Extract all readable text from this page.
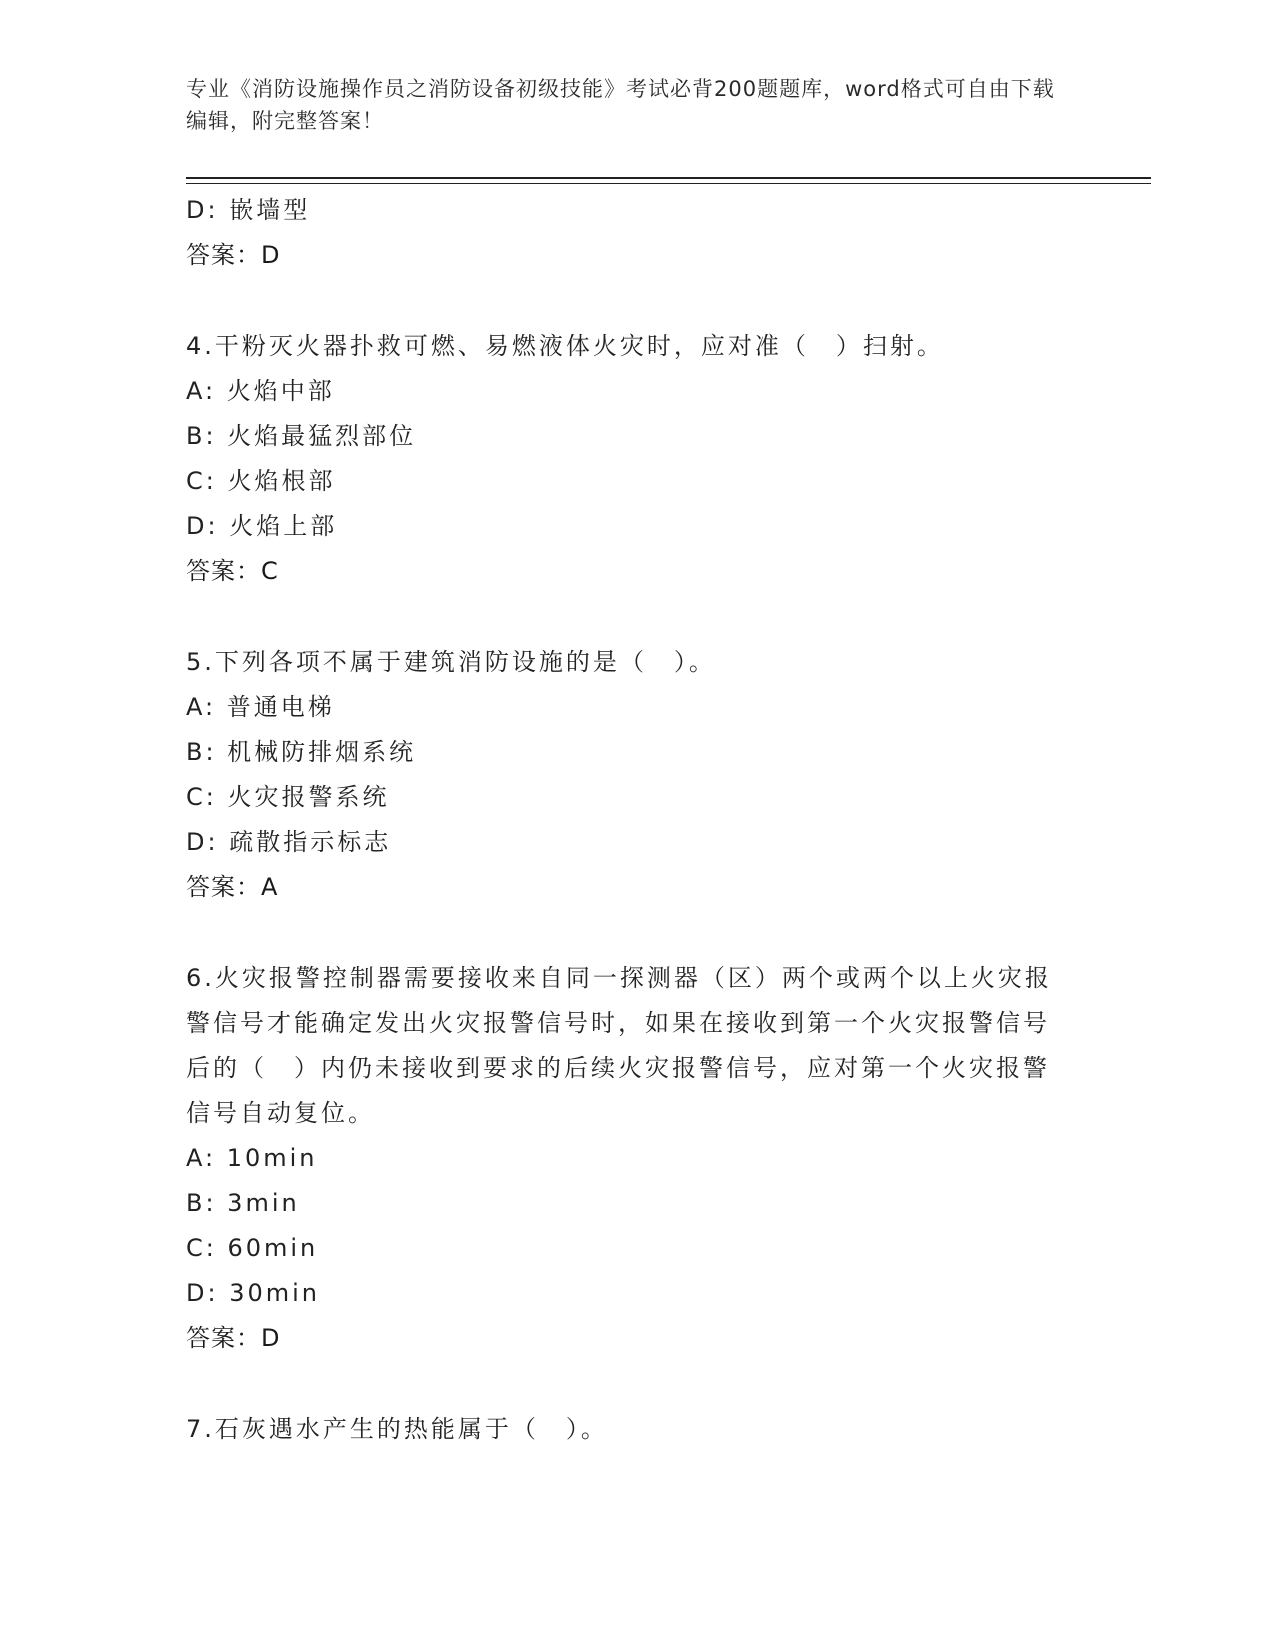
专业《消防设施操作员之消防设备初级技能》考试必背200题题库，word格式可自由下载编辑，附完整答案！
D: 嵌墙型
答案：D
4.干粉灭火器扑救可燃、易燃液体火灾时，应对准（　）扫射。
A: 火焰中部
B: 火焰最猛烈部位
C: 火焰根部
D: 火焰上部
答案：C
5.下列各项不属于建筑消防设施的是（　）。
A: 普通电梯
B: 机械防排烟系统
C: 火灾报警系统
D: 疏散指示标志
答案：A
6.火灾报警控制器需要接收来自同一探测器（区）两个或两个以上火灾报警信号才能确定发出火灾报警信号时，如果在接收到第一个火灾报警信号后的（　）内仍未接收到要求的后续火灾报警信号，应对第一个火灾报警信号自动复位。
A: 10min
B: 3min
C: 60min
D: 30min
答案：D
7.石灰遇水产生的热能属于（　）。
